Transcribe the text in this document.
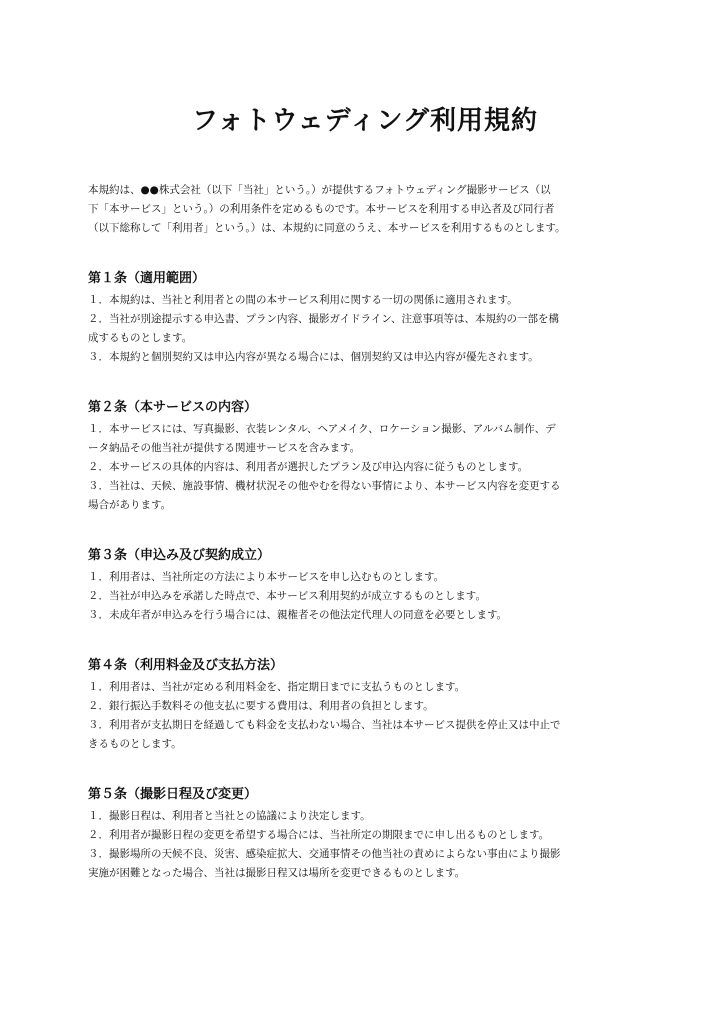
フォトウェディング利用規約
本規約は、●●株式会社（以下「当社」という。）が提供するフォトウェディング撮影サービス（以
下「本サービス」という。）の利用条件を定めるものです。本サービスを利用する申込者及び同行者
（以下総称して「利用者」という。）は、本規約に同意のうえ、本サービスを利用するものとします。
第１条（適用範囲）
１．本規約は、当社と利用者との間の本サービス利用に関する一切の関係に適用されます。
２．当社が別途提示する申込書、プラン内容、撮影ガイドライン、注意事項等は、本規約の一部を構
成するものとします。
３．本規約と個別契約又は申込内容が異なる場合には、個別契約又は申込内容が優先されます。
第２条（本サービスの内容）
１．本サービスには、写真撮影、衣装レンタル、ヘアメイク、ロケーション撮影、アルバム制作、デ
ータ納品その他当社が提供する関連サービスを含みます。
２．本サービスの具体的内容は、利用者が選択したプラン及び申込内容に従うものとします。
３．当社は、天候、施設事情、機材状況その他やむを得ない事情により、本サービス内容を変更する
場合があります。
第３条（申込み及び契約成立）
１．利用者は、当社所定の方法により本サービスを申し込むものとします。
２．当社が申込みを承諾した時点で、本サービス利用契約が成立するものとします。
３．未成年者が申込みを行う場合には、親権者その他法定代理人の同意を必要とします。
第４条（利用料金及び支払方法）
１．利用者は、当社が定める利用料金を、指定期日までに支払うものとします。
２．銀行振込手数料その他支払に要する費用は、利用者の負担とします。
３．利用者が支払期日を経過しても料金を支払わない場合、当社は本サービス提供を停止又は中止で
きるものとします。
第５条（撮影日程及び変更）
１．撮影日程は、利用者と当社との協議により決定します。
２．利用者が撮影日程の変更を希望する場合には、当社所定の期限までに申し出るものとします。
３．撮影場所の天候不良、災害、感染症拡大、交通事情その他当社の責めによらない事由により撮影
実施が困難となった場合、当社は撮影日程又は場所を変更できるものとします。
